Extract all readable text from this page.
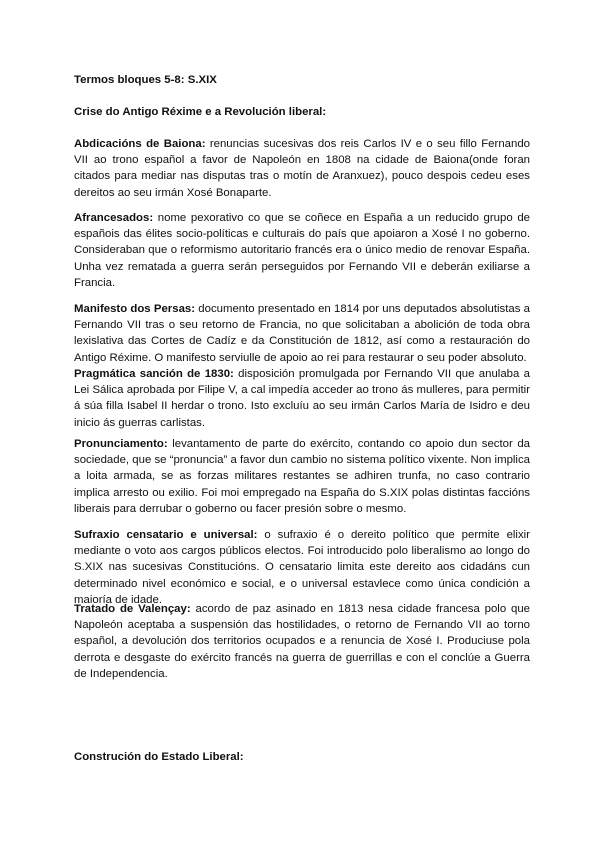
Termos bloques 5-8: S.XIX

Crise do Antigo Réxime e a Revolución liberal:

Abdicacións de Baiona: renuncias sucesivas dos reis Carlos IV e o seu fillo Fernando VII ao trono español a favor de Napoleón en 1808 na cidade de Baiona(onde foran citados para mediar nas disputas tras o motín de Aranxuez), pouco despois cedeu eses dereitos ao seu irmán Xosé Bonaparte.

Afrancesados: nome pexorativo co que se coñece en España a un reducido grupo de españois das élites socio-políticas e culturais do país que apoiaron a Xosé I no goberno. Consideraban que o reformismo autoritario francés era o único medio de renovar España. Unha vez rematada a guerra serán perseguidos por Fernando VII e deberán exiliarse a Francia.

Manifesto dos Persas: documento presentado en 1814 por uns deputados absolutistas a Fernando VII tras o seu retorno de Francia, no que solicitaban a abolición de toda obra lexislativa das Cortes de Cadíz e da Constitución de 1812, así como a restauración do Antigo Réxime. O manifesto serviulle de apoio ao rei para restaurar o seu poder absoluto.

Pragmática sanción de 1830: disposición promulgada por Fernando VII que anulaba a Lei Sálica aprobada por Filipe V, a cal impedía acceder ao trono ás mulleres, para permitir á súa filla Isabel II herdar o trono. Isto excluíu ao seu irmán Carlos María de Isidro e deu inicio ás guerras carlistas.

Pronunciamento: levantamento de parte do exército, contando co apoio dun sector da sociedade, que se “pronuncia” a favor dun cambio no sistema político vixente. Non implica a loita armada, se as forzas militares restantes se adhiren trunfa, no caso contrario implica arresto ou exilio. Foi moi empregado na España do S.XIX polas distintas faccións liberais para derrubar o goberno ou facer presión sobre o mesmo.

Sufraxio censatario e universal: o sufraxio é o dereito político que permite elixir mediante o voto aos cargos públicos electos. Foi introducido polo liberalismo ao longo do S.XIX nas sucesivas Constitucións. O censatario limita este dereito aos cidadáns cun determinado nivel económico e social, e o universal estavlece como única condición a maioría de idade.

Tratado de Valençay: acordo de paz asinado en 1813 nesa cidade francesa polo que Napoleón aceptaba a suspensión das hostilidades, o retorno de Fernando VII ao torno español, a devolución dos territorios ocupados e a renuncia de Xosé I. Produciuse pola derrota e desgaste do exército francés na guerra de guerrillas e con el conclúe a Guerra de Independencia.

Construción do Estado Liberal:
